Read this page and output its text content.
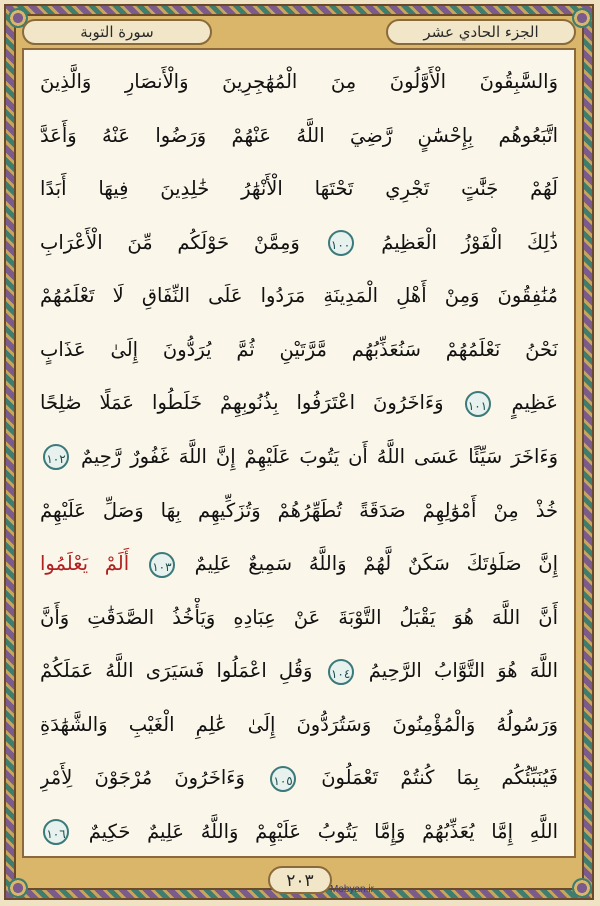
سورة التوبة	الجزء الحادي عشر
وَالسَّٰبِقُونَ الْأَوَّلُونَ مِنَ الْمُهَٰجِرِينَ وَالْأَنصَارِ وَالَّذِينَ
اتَّبَعُوهُم بِإِحْسَٰنٍ رَّضِيَ اللَّهُ عَنْهُمْ وَرَضُوا عَنْهُ وَأَعَدَّ
لَهُمْ جَنَّٰتٍ تَجْرِي تَحْتَهَا الْأَنْهَٰرُ خَٰلِدِينَ فِيهَا أَبَدًا
ذَٰلِكَ الْفَوْزُ الْعَظِيمُ ١٠٠ وَمِمَّنْ حَوْلَكُم مِّنَ الْأَعْرَابِ
مُنَٰفِقُونَ وَمِنْ أَهْلِ الْمَدِينَةِ مَرَدُوا عَلَى النِّفَاقِ لَا تَعْلَمُهُمْ
نَحْنُ نَعْلَمُهُمْ سَنُعَذِّبُهُم مَّرَّتَيْنِ ثُمَّ يُرَدُّونَ إِلَىٰ عَذَابٍ
عَظِيمٍ ١٠١ وَءَاخَرُونَ اعْتَرَفُوا بِذُنُوبِهِمْ خَلَطُوا عَمَلًا صَٰلِحًا
وَءَاخَرَ سَيِّئًا عَسَى اللَّهُ أَن يَتُوبَ عَلَيْهِمْ إِنَّ اللَّهَ غَفُورٌ رَّحِيمٌ ١٠٢
خُذْ مِنْ أَمْوَٰلِهِمْ صَدَقَةً تُطَهِّرُهُمْ وَتُزَكِّيهِم بِهَا وَصَلِّ عَلَيْهِمْ
إِنَّ صَلَوٰتَكَ سَكَنٌ لَّهُمْ وَاللَّهُ سَمِيعٌ عَلِيمٌ ١٠٣ أَلَمْ يَعْلَمُوا
أَنَّ اللَّهَ هُوَ يَقْبَلُ التَّوْبَةَ عَنْ عِبَادِهِ وَيَأْخُذُ الصَّدَقَٰتِ وَأَنَّ
اللَّهَ هُوَ التَّوَّابُ الرَّحِيمُ ١٠٤ وَقُلِ اعْمَلُوا فَسَيَرَى اللَّهُ عَمَلَكُمْ
وَرَسُولُهُ وَالْمُؤْمِنُونَ وَسَتُرَدُّونَ إِلَىٰ عَٰلِمِ الْغَيْبِ وَالشَّهَٰدَةِ
فَيُنَبِّئُكُم بِمَا كُنتُمْ تَعْمَلُونَ ١٠٥ وَءَاخَرُونَ مُرْجَوْنَ لِأَمْرِ
اللَّهِ إِمَّا يُعَذِّبُهُمْ وَإِمَّا يَتُوبُ عَلَيْهِمْ وَاللَّهُ عَلِيمٌ حَكِيمٌ ١٠٦
٢٠٣	Mobyan.ir
